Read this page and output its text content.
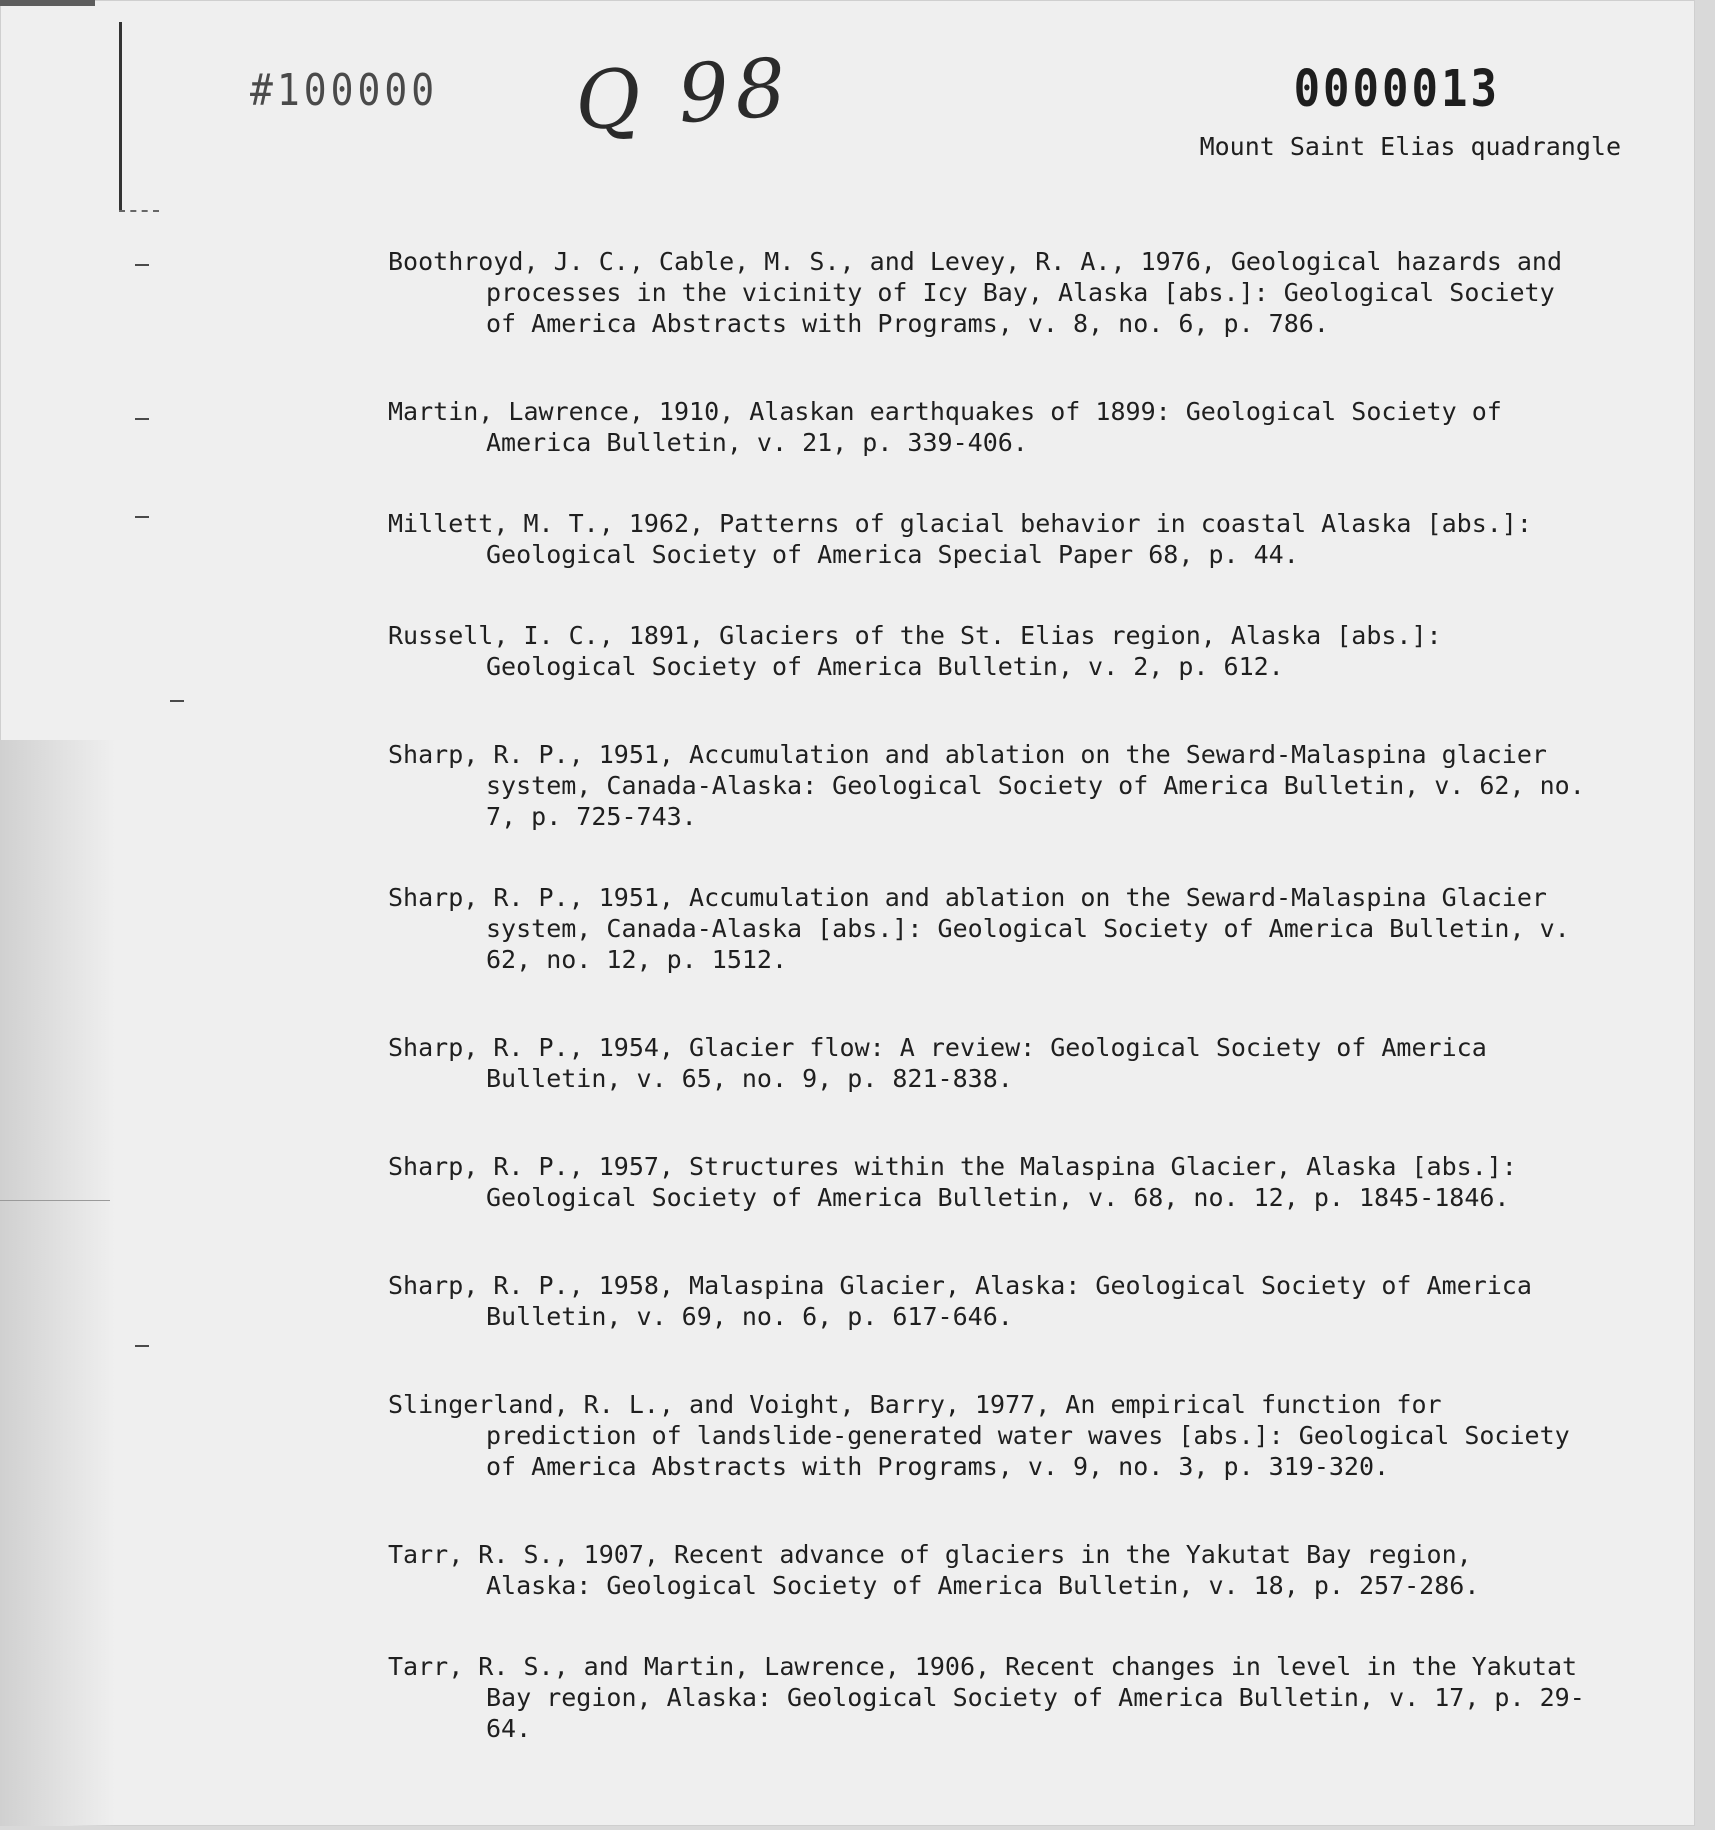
#100000 Q 98	0000013
Mount Saint Elias quadrangle
Boothroyd, J. C., Cable, M. S., and Levey, R. A., 1976, Geological hazards and processes in the vicinity of Icy Bay, Alaska [abs.]: Geological Society of America Abstracts with Programs, v. 8, no. 6, p. 786.
Martin, Lawrence, 1910, Alaskan earthquakes of 1899: Geological Society of America Bulletin, v. 21, p. 339-406.
Millett, M. T., 1962, Patterns of glacial behavior in coastal Alaska [abs.]: Geological Society of America Special Paper 68, p. 44.
Russell, I. C., 1891, Glaciers of the St. Elias region, Alaska [abs.]: Geological Society of America Bulletin, v. 2, p. 612.
Sharp, R. P., 1951, Accumulation and ablation on the Seward-Malaspina glacier system, Canada-Alaska: Geological Society of America Bulletin, v. 62, no. 7, p. 725-743.
Sharp, R. P., 1951, Accumulation and ablation on the Seward-Malaspina Glacier system, Canada-Alaska [abs.]: Geological Society of America Bulletin, v. 62, no. 12, p. 1512.
Sharp, R. P., 1954, Glacier flow: A review: Geological Society of America Bulletin, v. 65, no. 9, p. 821-838.
Sharp, R. P., 1957, Structures within the Malaspina Glacier, Alaska [abs.]: Geological Society of America Bulletin, v. 68, no. 12, p. 1845-1846.
Sharp, R. P., 1958, Malaspina Glacier, Alaska: Geological Society of America Bulletin, v. 69, no. 6, p. 617-646.
Slingerland, R. L., and Voight, Barry, 1977, An empirical function for prediction of landslide-generated water waves [abs.]: Geological Society of America Abstracts with Programs, v. 9, no. 3, p. 319-320.
Tarr, R. S., 1907, Recent advance of glaciers in the Yakutat Bay region, Alaska: Geological Society of America Bulletin, v. 18, p. 257-286.
Tarr, R. S., and Martin, Lawrence, 1906, Recent changes in level in the Yakutat Bay region, Alaska: Geological Society of America Bulletin, v. 17, p. 29-64.
